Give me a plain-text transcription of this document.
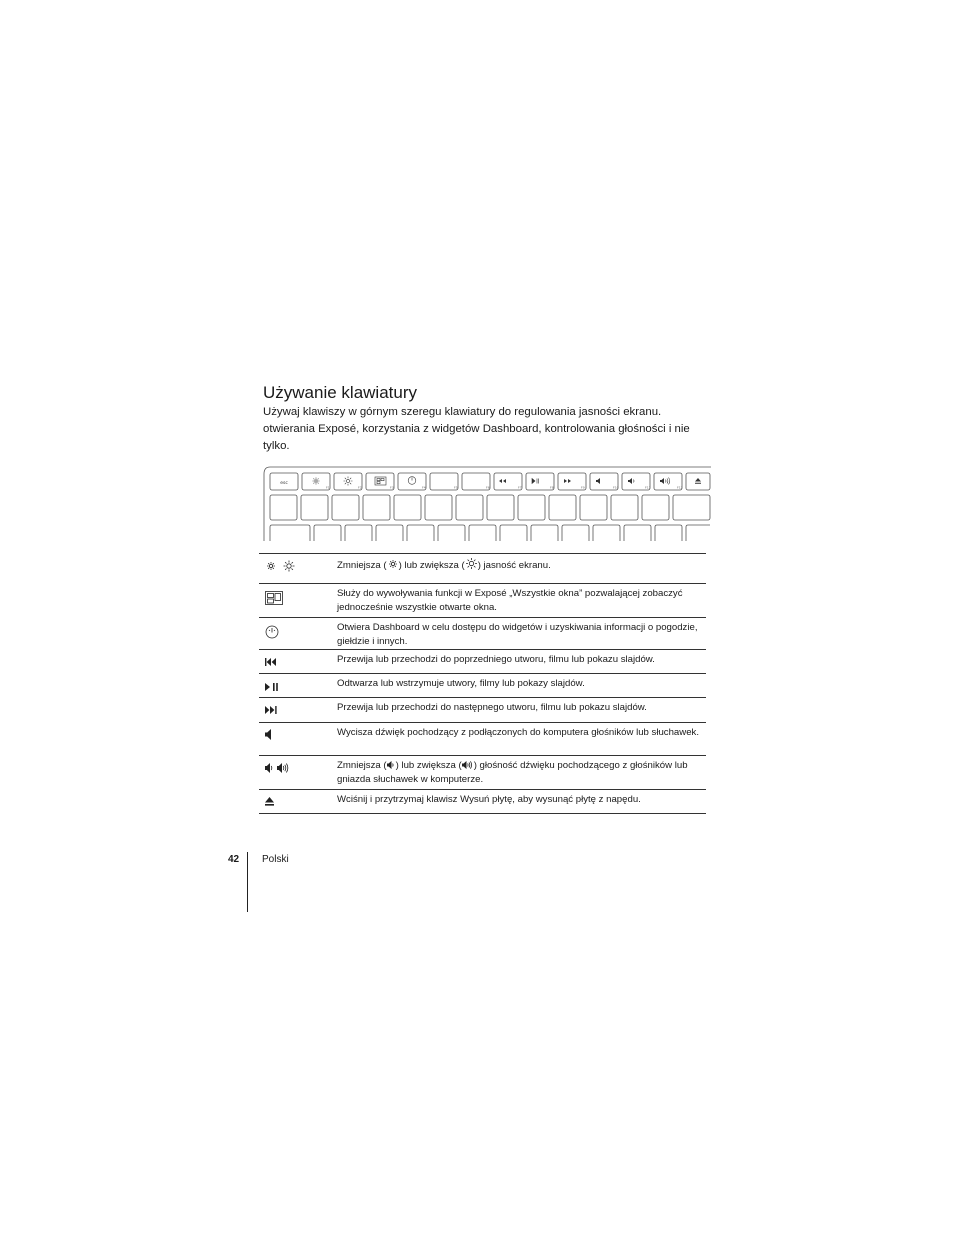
Używanie klawiatury

Używaj klawiszy w górnym szeregu klawiatury do regulowania jasności ekranu. otwierania Exposé, korzystania z widgetów Dashboard, kontrolowania głośności i nie tylko.

esc
F1	F2	F3	F4	F5	F6	F7	F8	F9	F10	F11	F12
Zmniejsza ( ) lub zwiększa ( ) jasność ekranu.
Służy do wywoływania funkcji w Exposé „Wszystkie okna” pozwalającej zobaczyć jednocześnie wszystkie otwarte okna.
Otwiera Dashboard w celu dostępu do widgetów i uzyskiwania informacji o pogodzie, giełdzie i innych.
Przewija lub przechodzi do poprzedniego utworu, filmu lub pokazu slajdów.
Odtwarza lub wstrzymuje utwory, filmy lub pokazy slajdów.
Przewija lub przechodzi do następnego utworu, filmu lub pokazu slajdów.
Wycisza dźwięk pochodzący z podłączonych do komputera głośników lub słuchawek.
Zmniejsza ( ) lub zwiększa ( ) głośność dźwięku pochodzącego z głośników lub gniazda słuchawek w komputerze.
Wciśnij i przytrzymaj klawisz Wysuń płytę, aby wysunąć płytę z napędu.
42 Polski
